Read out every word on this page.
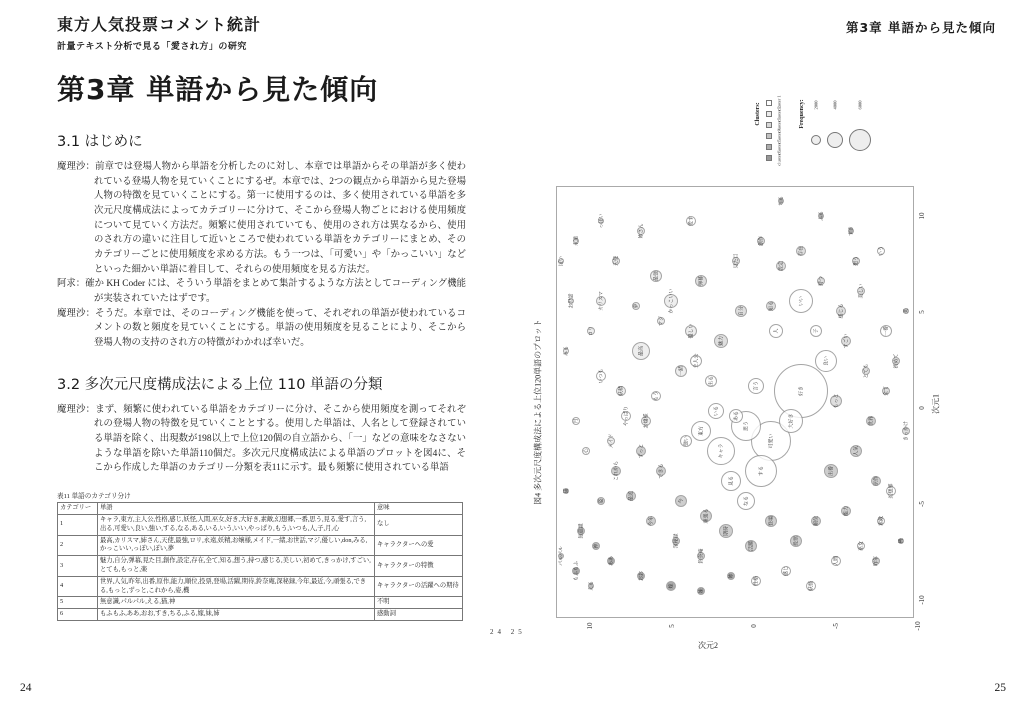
東方人気投票コメント統計
計量テキスト分析で見る「愛され方」の研究
第3章 単語から見た傾向
3.1 はじめに

魔理沙：前章では登場人物から単語を分析したのに対し、本章では単語からその単語が多く使われている登場人物を見ていくことにするぜ。本章では、2つの観点から単語から見た登場人物の特徴を見ていくことにする。第一に使用するのは、多く使用されている単語を多次元尺度構成法によってカテゴリーに分けて、そこから登場人物ごとにおける使用頻度について見ていく方法だ。頻繁に使用されていても、使用のされ方は異なるから、使用のされ方の違いに注目して近いところで使われている単語をカテゴリーにまとめ、そのカテゴリーごとに使用頻度を求める方法。もう一つは、「可愛い」や「かっこいい」などといった細かい単語に着目して、それらの使用頻度を見る方法だ。

阿求：確か KH Coder には、そういう単語をまとめて集計するような方法としてコーディング機能が実装されていたはずです。

魔理沙：そうだ。本章では、そのコーディング機能を使って、それぞれの単語が使われているコメントの数と頻度を見ていくことにする。単語の使用頻度を見ることにより、そこから登場人物の支持のされ方の特徴がわかれば幸いだ。

3.2 多次元尺度構成法による上位 110 単語の分類

魔理沙：まず、頻繁に使われている単語をカテゴリーに分け、そこから使用頻度を測ってそれぞれの登場人物の特徴を見ていくこととする。使用した単語は、人名として登録されている単語を除く、出現数が198以上で上位120個の自立語から、「一」などの意味をなさないような単語を除いた単語110個だ。多次元尺度構成法による単語のプロットを図4に、そこから作成した単語のカテゴリー分類を表11に示す。最も頻繁に使用されている単語

表11 単語のカテゴリ分け
カテゴリー	単語	意味
1	キャラ,東方,主人公,性格,感じ,妖怪,人間,巫女,好き,大好き,素敵,幻想郷,一番,思う,見る,愛す,言う,出る,可愛い,良い,強い,する,なる,ある,いる,いう,いい,やっぱり,もう,いつも,人,子,月,心	なし
2	最高,カリスマ,姉さん,天使,最強,ロリ,永遠,妖精,お嬢様,メイド,一緒,お世話,マジ,優しい,don,みる,かっこいい,っぽい,ぽい,夢	キャラクターへの愛
3	魅力,自分,弾幕,見た目,創作,設定,存在,全て,知る,想う,持つ,感じる,美しい,初めて,きっかけ,すごい,とても,もっと,楽	キャラクターの特徴
4	世界,人気,昨年,出番,原作,能力,順位,投票,登場,活躍,期待,鈴奈庵,深秘録,今年,最近,今,頑張る,できる,もっと,ずっと,これから,姿,機	キャラクターの活躍への期待
5	無意識,パルパル,える,猫,神	不明
6	もふもふ,ああ,おお,すき,ちる,ふる,嫁,妹,姉	感動詞
24
第3章 単語から見た傾向
図4 多次元尺度構成法による上位120単語のプロット	好き
可愛い
思う
キャラ
いい
良い
する
見る
大好き
東方
なる
いる
最高
カリスマ
天使
最強
ロリ
永遠
妖精
お嬢様
メイド
一緒
マジ
優しい
かっこいい
夢
魅力
自分
弾幕
見た目
創作
設定
存在
知る
持つ
感じる
美しい
すごい
とても
もっと
世界
人気
出番
原作
能力
順位
投票
登場
活躍
期待
鈴奈庵
深秘録
今年
最近	今
頑張る
できる
ずっと
これから
姿
無意識
猫
神
もふもふ	ああ
おお
嫁
妹
姉	性格
感じ
妖怪
人間
巫女
素敵
幻想郷
一番
言う
出る
強い
やっぱり
もう
いつも
人	子
月
心
昨年
全て
初めて
きっかけ
お世話
っぽい
姉さん
愛す	ふる
ちる
すき
いう
ぽい
みる
楽
機
パルパル
える
主人公
想う
ある
Clusters:	cluster 1
cluster 2
cluster 3
cluster 4
cluster 5
cluster 6
Frequency: 2000	4000	6000
10
5
0
-5
-10
10	5	0	-5	-10
次元1
次元2
25
24 25
